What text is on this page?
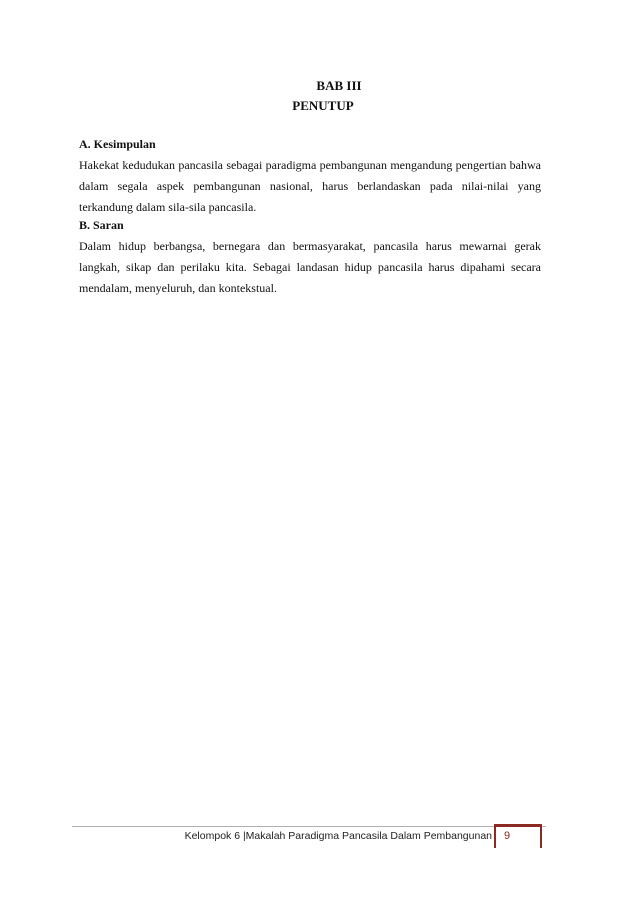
BAB III
PENUTUP
A. Kesimpulan

Hakekat kedudukan pancasila sebagai paradigma pembangunan mengandung pengertian bahwa dalam segala aspek pembangunan nasional, harus berlandaskan pada nilai-nilai yang terkandung dalam sila-sila pancasila.

B. Saran

Dalam hidup berbangsa, bernegara dan bermasyarakat, pancasila harus mewarnai gerak langkah, sikap dan perilaku kita. Sebagai landasan hidup pancasila harus dipahami secara mendalam, menyeluruh, dan kontekstual.

Kelompok 6 |Makalah Paradigma Pancasila Dalam Pembangunan 9
